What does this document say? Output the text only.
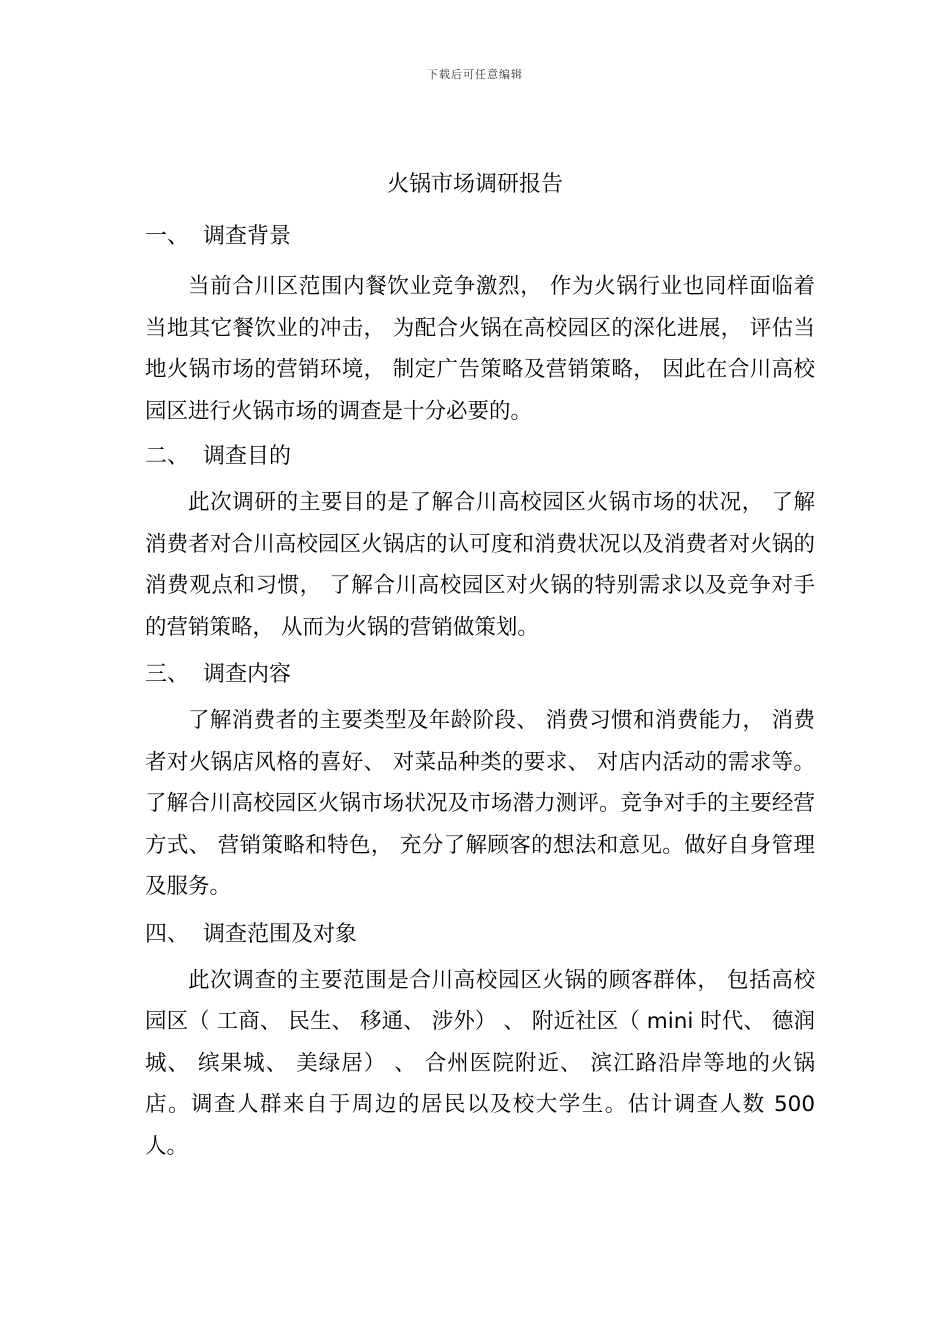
下载后可任意编辑
火锅市场调研报告
一、 调查背景

当前合川区范围内餐饮业竞争激烈， 作为火锅行业也同样面临着当地其它餐饮业的冲击， 为配合火锅在高校园区的深化进展， 评估当地火锅市场的营销环境， 制定广告策略及营销策略， 因此在合川高校园区进行火锅市场的调查是十分必要的。

二、 调查目的

此次调研的主要目的是了解合川高校园区火锅市场的状况， 了解消费者对合川高校园区火锅店的认可度和消费状况以及消费者对火锅的消费观点和习惯， 了解合川高校园区对火锅的特别需求以及竞争对手的营销策略， 从而为火锅的营销做策划。

三、 调查内容

了解消费者的主要类型及年龄阶段、 消费习惯和消费能力， 消费者对火锅店风格的喜好、 对菜品种类的要求、 对店内活动的需求等。了解合川高校园区火锅市场状况及市场潜力测评。竞争对手的主要经营方式、 营销策略和特色， 充分了解顾客的想法和意见。做好自身管理及服务。

四、 调查范围及对象

此次调查的主要范围是合川高校园区火锅的顾客群体， 包括高校园区（ 工商、 民生、 移通、 涉外） 、 附近社区（ mini 时代、 德润城、 缤果城、 美绿居） 、 合州医院附近、 滨江路沿岸等地的火锅店。调查人群来自于周边的居民以及校大学生。估计调查人数 500 人。
